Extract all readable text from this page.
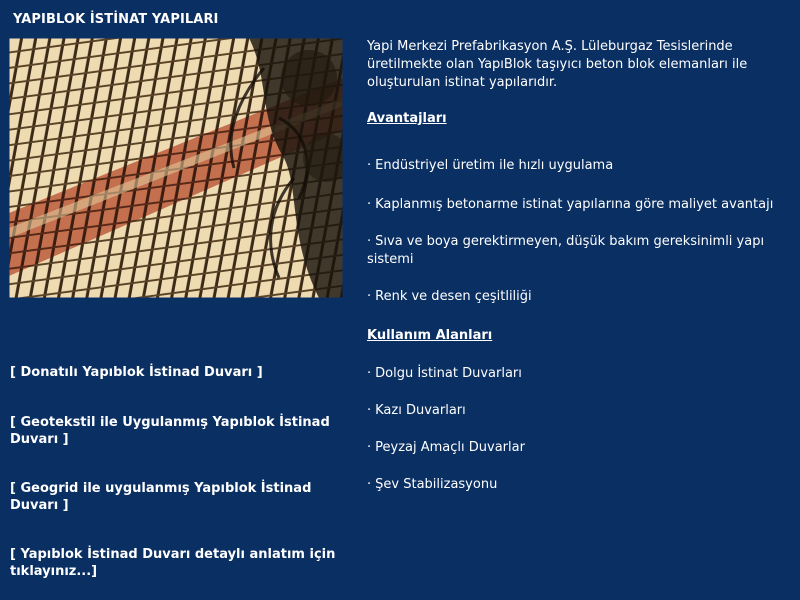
YAPIBLOK İSTİNAT YAPILARI
[ Donatılı Yapıblok İstinad Duvarı ]
[ Geotekstil ile Uygulanmış Yapıblok İstinad Duvarı ]
[ Geogrid ile uygulanmış Yapıblok İstinad Duvarı ]
[ Yapıblok İstinad Duvarı detaylı anlatım için tıklayınız...]

Yapi Merkezi Prefabrikasyon A.Ş. Lüleburgaz Tesislerinde üretilmekte olan YapıBlok taşıyıcı beton blok elemanları ile oluşturulan istinat yapılarıdır.

Avantajları
· Endüstriyel üretim ile hızlı uygulama
· Kaplanmış betonarme istinat yapılarına göre maliyet avantajı
· Sıva ve boya gerektirmeyen, düşük bakım gereksinimli yapı sistemi
· Renk ve desen çeşitliliği
Kullanım Alanları
· Dolgu İstinat Duvarları
· Kazı Duvarları
· Peyzaj Amaçlı Duvarlar
· Şev Stabilizasyonu
